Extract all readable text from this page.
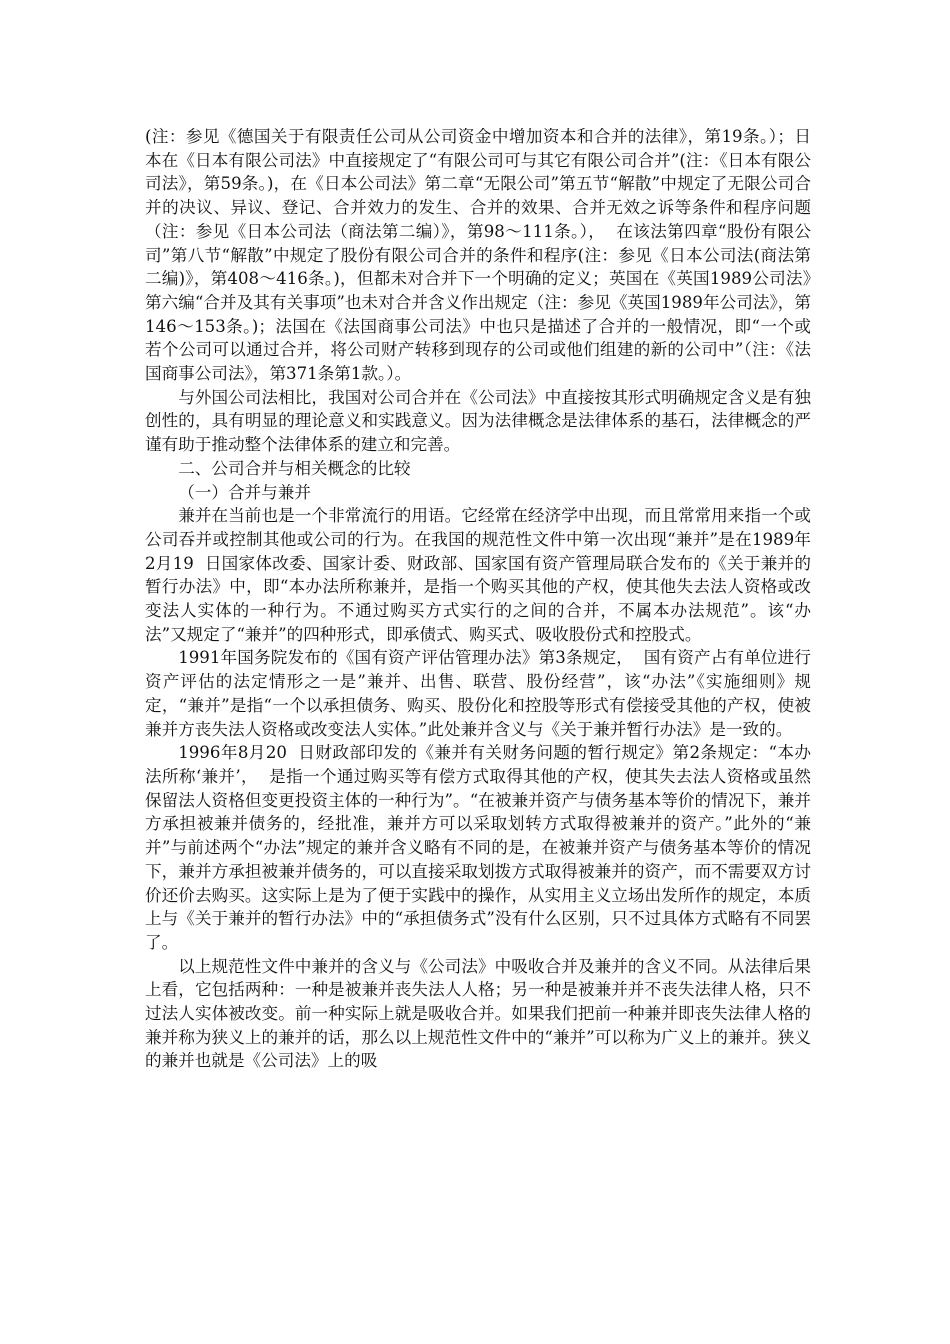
(注：参见《德国关于有限责任公司从公司资金中增加资本和合并的法律》，第19条。）；日本在《日本有限公司法》中直接规定了“有限公司可与其它有限公司合并”(注：《日本有限公司法》，第59条。)，在《日本公司法》第二章“无限公司”第五节“解散”中规定了无限公司合并的决议、异议、登记、合并效力的发生、合并的效果、合并无效之诉等条件和程序问题（注：参见《日本公司法（商法第二编）》，第98～111条。），  在该法第四章“股份有限公司”第八节“解散”中规定了股份有限公司合并的条件和程序(注：参见《日本公司法(商法第二编)》，第408～416条。)，但都未对合并下一个明确的定义；英国在《英国1989公司法》第六编“合并及其有关事项”也未对合并含义作出规定（注：参见《英国1989年公司法》，第146～153条。)；法国在《法国商事公司法》中也只是描述了合并的一般情况，即“一个或若个公司可以通过合并，将公司财产转移到现存的公司或他们组建的新的公司中”（注：《法国商事公司法》，第371条第1款。）。

与外国公司法相比，我国对公司合并在《公司法》中直接按其形式明确规定含义是有独创性的，具有明显的理论意义和实践意义。因为法律概念是法律体系的基石，法律概念的严谨有助于推动整个法律体系的建立和完善。

二、公司合并与相关概念的比较

（一）合并与兼并

兼并在当前也是一个非常流行的用语。它经常在经济学中出现，而且常常用来指一个或公司吞并或控制其他或公司的行为。在我国的规范性文件中第一次出现“兼并”是在1989年2月19  日国家体改委、国家计委、财政部、国家国有资产管理局联合发布的《关于兼并的暂行办法》中，即“本办法所称兼并，是指一个购买其他的产权，使其他失去法人资格或改变法人实体的一种行为。不通过购买方式实行的之间的合并，不属本办法规范”。该“办法”又规定了“兼并”的四种形式，即承债式、购买式、吸收股份式和控股式。

1991年国务院发布的《国有资产评估管理办法》第3条规定，  国有资产占有单位进行资产评估的法定情形之一是”兼并、出售、联营、股份经营”，该“办法”《实施细则》规定，“兼并”是指“一个以承担债务、购买、股份化和控股等形式有偿接受其他的产权，使被兼并方丧失法人资格或改变法人实体。”此处兼并含义与《关于兼并暂行办法》是一致的。

1996年8月20  日财政部印发的《兼并有关财务问题的暂行规定》第2条规定：“本办法所称‘兼并’，  是指一个通过购买等有偿方式取得其他的产权，使其失去法人资格或虽然保留法人资格但变更投资主体的一种行为”。“在被兼并资产与债务基本等价的情况下，兼并方承担被兼并债务的，经批准，兼并方可以采取划转方式取得被兼并的资产。”此外的“兼并”与前述两个“办法”规定的兼并含义略有不同的是，在被兼并资产与债务基本等价的情况下，兼并方承担被兼并债务的，可以直接采取划拨方式取得被兼并的资产，而不需要双方讨价还价去购买。这实际上是为了便于实践中的操作，从实用主义立场出发所作的规定，本质上与《关于兼并的暂行办法》中的“承担债务式”没有什么区别，只不过具体方式略有不同罢了。

以上规范性文件中兼并的含义与《公司法》中吸收合并及兼并的含义不同。从法律后果上看，它包括两种：一种是被兼并丧失法人人格；另一种是被兼并并不丧失法律人格，只不过法人实体被改变。前一种实际上就是吸收合并。如果我们把前一种兼并即丧失法律人格的兼并称为狭义上的兼并的话，那么以上规范性文件中的“兼并”可以称为广义上的兼并。狭义的兼并也就是《公司法》上的吸
